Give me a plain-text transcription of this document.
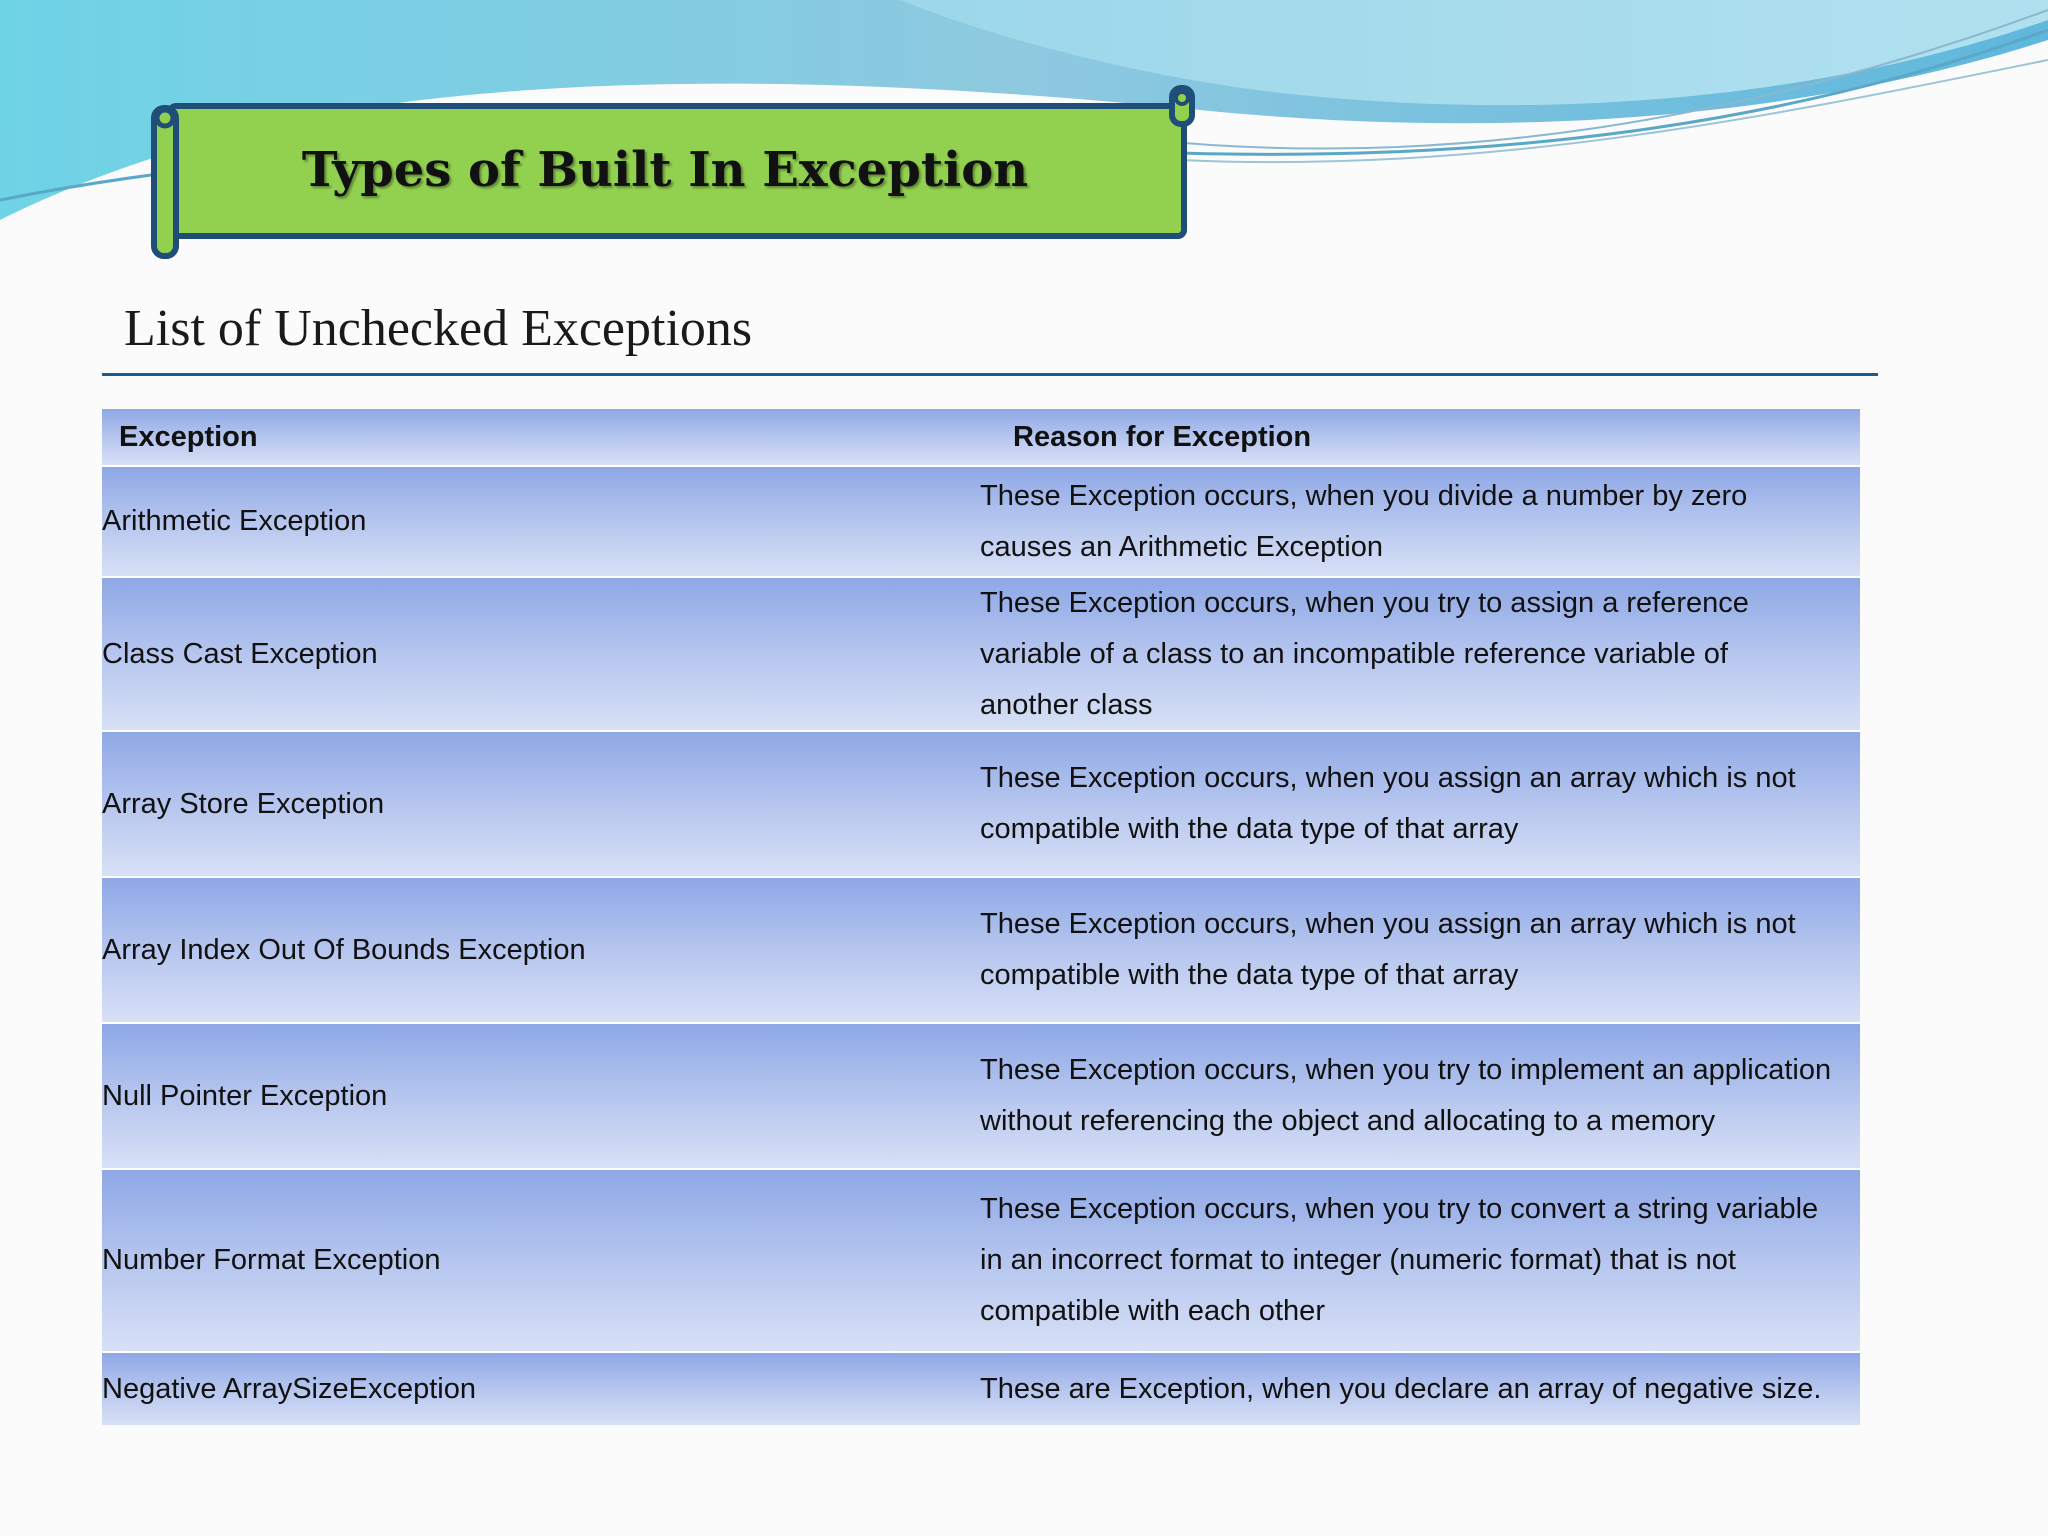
Types of Built In Exception
List of Unchecked Exceptions
Exception	Reason for Exception
Arithmetic Exception
These Exception occurs, when you divide a number by zero
causes an Arithmetic Exception
Class Cast Exception
These Exception occurs, when you try to assign a reference
variable of a class to an incompatible reference variable of
another class
Array Store Exception
These Exception occurs, when you assign an array which is not
compatible with the data type of that array
Array Index Out Of Bounds Exception
These Exception occurs, when you assign an array which is not
compatible with the data type of that array
Null Pointer Exception
These Exception occurs, when you try to implement an application
without referencing the object and allocating to a memory
Number Format Exception
These Exception occurs, when you try to convert a string variable
in an incorrect format to integer (numeric format) that is not
compatible with each other
Negative ArraySizeException	These are Exception, when you declare an array of negative size.
